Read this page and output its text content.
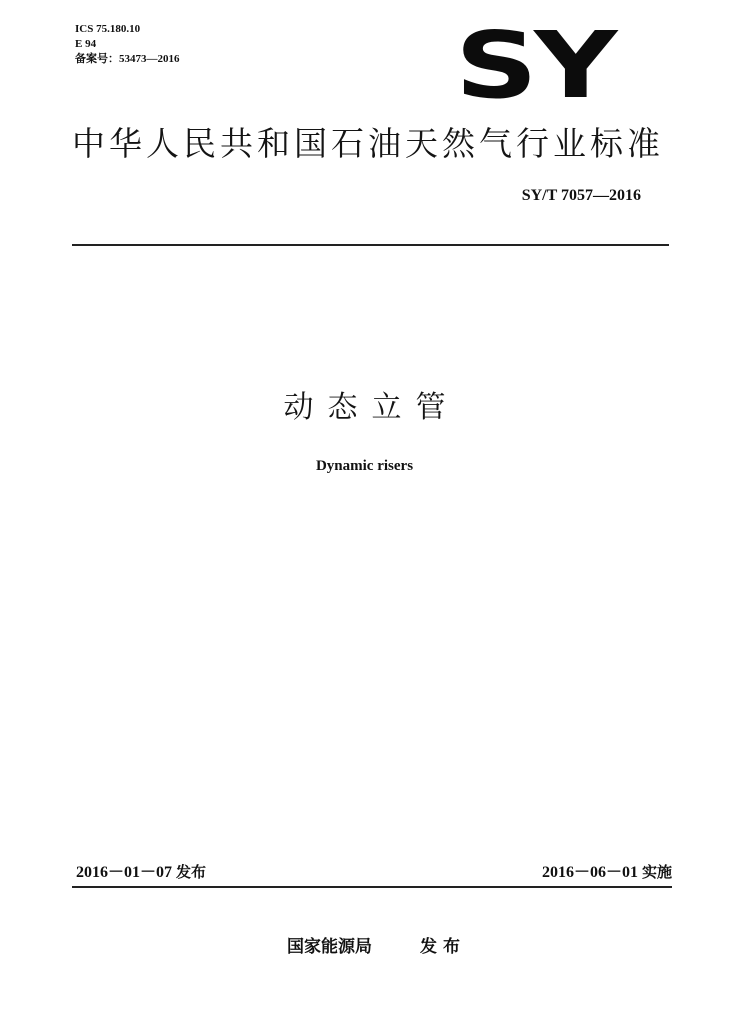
ICS 75.180.10
E 94
备案号：53473—2016	SY
中华人民共和国石油天然气行业标准
SY/T 7057—2016
动态立管
Dynamic risers
2016－01－07 发布	2016－06－01 实施
国家能源局	发布
